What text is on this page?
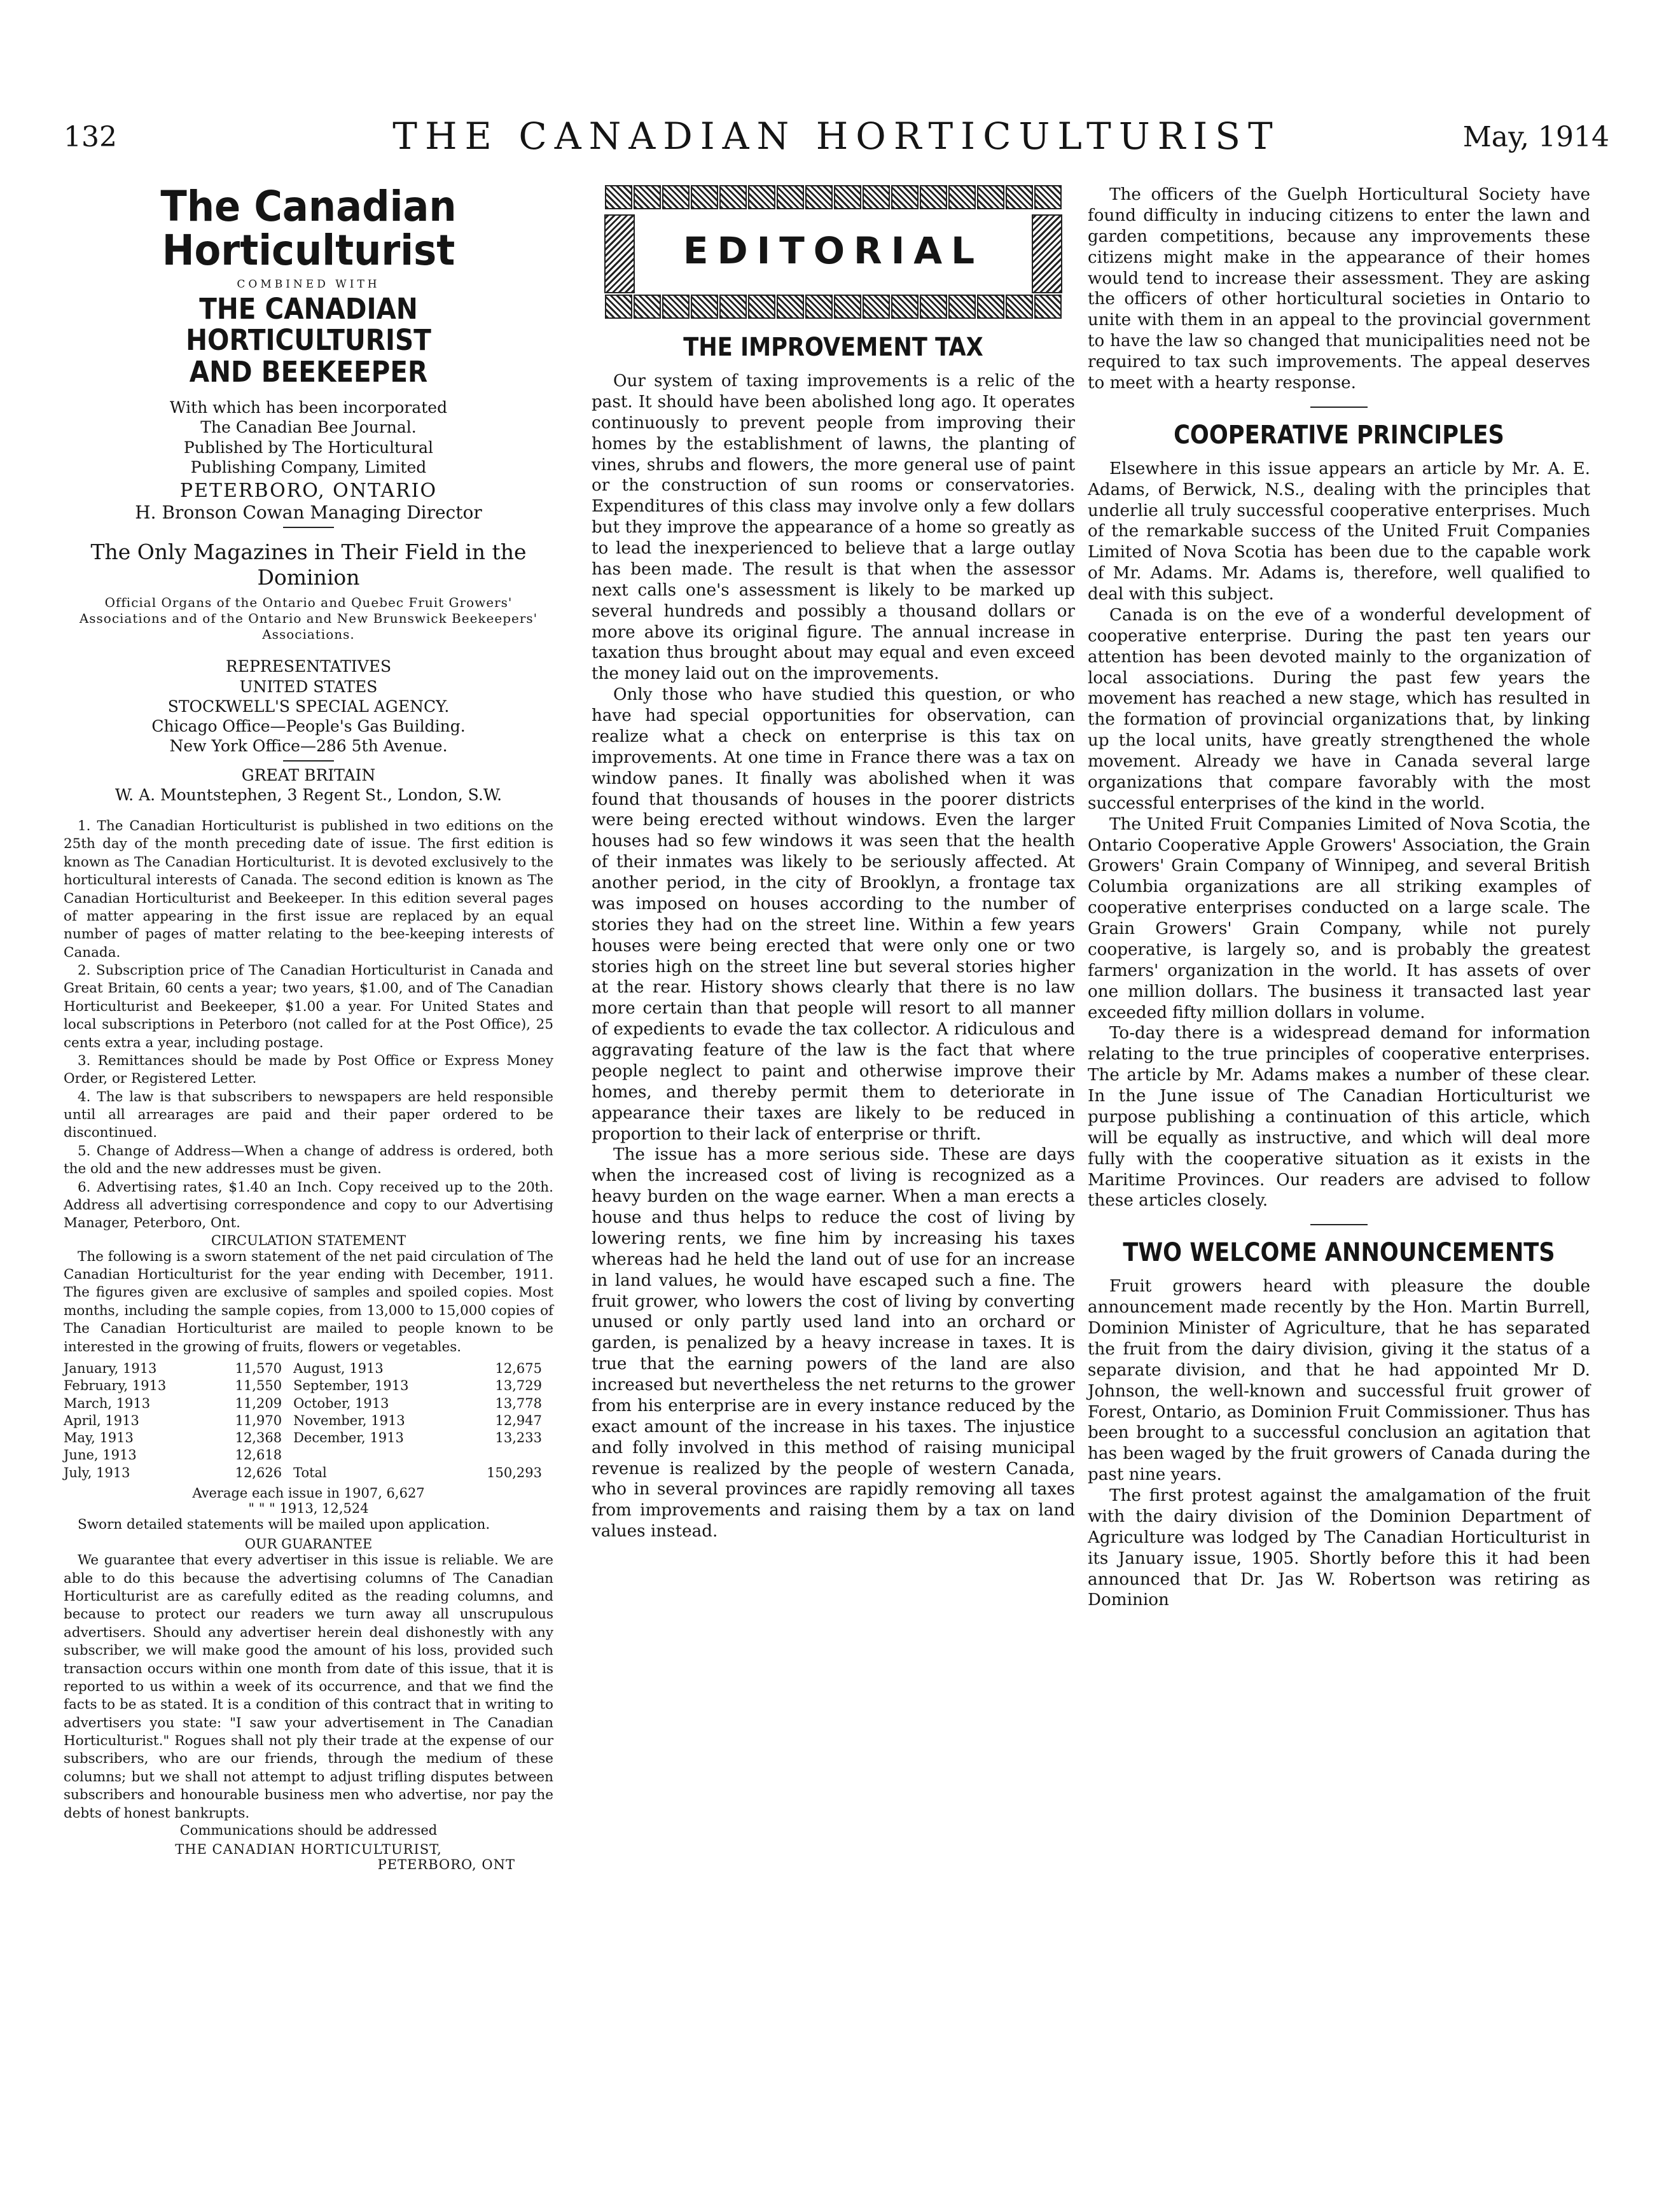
132	THE CANADIAN HORTICULTURIST	May, 1914
The Canadian Horticulturist

COMBINED WITH

THE CANADIAN HORTICULTURIST

AND BEEKEEPER

With which has been incorporated

The Canadian Bee Journal.

Published by The Horticultural

Publishing Company, Limited

PETERBORO, ONTARIO

H. Bronson Cowan Managing Director

The Only Magazines in Their Field in the Dominion

Official Organs of the Ontario and Quebec Fruit Growers' Associations and of the Ontario and New Brunswick Beekeepers' Associations.

REPRESENTATIVES

UNITED STATES

STOCKWELL'S SPECIAL AGENCY.

Chicago Office—People's Gas Building.

New York Office—286 5th Avenue.

GREAT BRITAIN

W. A. Mountstephen, 3 Regent St., London, S.W.

1. The Canadian Horticulturist is published in two editions on the 25th day of the month preceding date of issue. The first edition is known as The Canadian Horticulturist. It is devoted exclusively to the horticultural interests of Canada. The second edition is known as The Canadian Horticulturist and Beekeeper. In this edition several pages of matter appearing in the first issue are replaced by an equal number of pages of matter relating to the bee-keeping interests of Canada.

2. Subscription price of The Canadian Horticulturist in Canada and Great Britain, 60 cents a year; two years, $1.00, and of The Canadian Horticulturist and Beekeeper, $1.00 a year. For United States and local subscriptions in Peterboro (not called for at the Post Office), 25 cents extra a year, including postage.

3. Remittances should be made by Post Office or Express Money Order, or Registered Letter.

4. The law is that subscribers to newspapers are held responsible until all arrearages are paid and their paper ordered to be discontinued.

5. Change of Address—When a change of address is ordered, both the old and the new addresses must be given.

6. Advertising rates, $1.40 an Inch. Copy received up to the 20th. Address all advertising correspondence and copy to our Advertising Manager, Peterboro, Ont.

CIRCULATION STATEMENT

The following is a sworn statement of the net paid circulation of The Canadian Horticulturist for the year ending with December, 1911. The figures given are exclusive of samples and spoiled copies. Most months, including the sample copies, from 13,000 to 15,000 copies of The Canadian Horticulturist are mailed to people known to be interested in the growing of fruits, flowers or vegetables.

January, 1913	11,570	August, 1913	12,675
February, 1913	11,550	September, 1913	13,729
March, 1913	11,209	October, 1913	13,778
April, 1913	11,970	November, 1913	12,947
May, 1913	12,368	December, 1913	13,233
June, 1913	12,618		
July, 1913	12,626	Total	150,293

Average each issue in 1907, 6,627

" " " 1913, 12,524

Sworn detailed statements will be mailed upon application.

OUR GUARANTEE

We guarantee that every advertiser in this issue is reliable. We are able to do this because the advertising columns of The Canadian Horticulturist are as carefully edited as the reading columns, and because to protect our readers we turn away all unscrupulous advertisers. Should any advertiser herein deal dishonestly with any subscriber, we will make good the amount of his loss, provided such transaction occurs within one month from date of this issue, that it is reported to us within a week of its occurrence, and that we find the facts to be as stated. It is a condition of this contract that in writing to advertisers you state: "I saw your advertisement in The Canadian Horticulturist." Rogues shall not ply their trade at the expense of our subscribers, who are our friends, through the medium of these columns; but we shall not attempt to adjust trifling disputes between subscribers and honourable business men who advertise, nor pay the debts of honest bankrupts.

Communications should be addressed

THE CANADIAN HORTICULTURIST,

PETERBORO, ONT

EDITORIAL
THE IMPROVEMENT TAX

Our system of taxing improvements is a relic of the past. It should have been abolished long ago. It operates continuously to prevent people from improving their homes by the establishment of lawns, the planting of vines, shrubs and flowers, the more general use of paint or the construction of sun rooms or conservatories. Expenditures of this class may involve only a few dollars but they improve the appearance of a home so greatly as to lead the inexperienced to believe that a large outlay has been made. The result is that when the assessor next calls one's assessment is likely to be marked up several hundreds and possibly a thousand dollars or more above its original figure. The annual increase in taxation thus brought about may equal and even exceed the money laid out on the improvements.

Only those who have studied this question, or who have had special opportunities for observation, can realize what a check on enterprise is this tax on improvements. At one time in France there was a tax on window panes. It finally was abolished when it was found that thousands of houses in the poorer districts were being erected without windows. Even the larger houses had so few windows it was seen that the health of their inmates was likely to be seriously affected. At another period, in the city of Brooklyn, a frontage tax was imposed on houses according to the number of stories they had on the street line. Within a few years houses were being erected that were only one or two stories high on the street line but several stories higher at the rear. History shows clearly that there is no law more certain than that people will resort to all manner of expedients to evade the tax collector. A ridiculous and aggravating feature of the law is the fact that where people neglect to paint and otherwise improve their homes, and thereby permit them to deteriorate in appearance their taxes are likely to be reduced in proportion to their lack of enterprise or thrift.

The issue has a more serious side. These are days when the increased cost of living is recognized as a heavy burden on the wage earner. When a man erects a house and thus helps to reduce the cost of living by lowering rents, we fine him by increasing his taxes whereas had he held the land out of use for an increase in land values, he would have escaped such a fine. The fruit grower, who lowers the cost of living by converting unused or only partly used land into an orchard or garden, is penalized by a heavy increase in taxes. It is true that the earning powers of the land are also increased but nevertheless the net returns to the grower from his enterprise are in every instance reduced by the exact amount of the increase in his taxes. The injustice and folly involved in this method of raising municipal revenue is realized by the people of western Canada, who in several provinces are rapidly removing all taxes from improvements and raising them by a tax on land values instead.

The officers of the Guelph Horticultural Society have found difficulty in inducing citizens to enter the lawn and garden competitions, because any improvements these citizens might make in the appearance of their homes would tend to increase their assessment. They are asking the officers of other horticultural societies in Ontario to unite with them in an appeal to the provincial government to have the law so changed that municipalities need not be required to tax such improvements. The appeal deserves to meet with a hearty response.

COOPERATIVE PRINCIPLES

Elsewhere in this issue appears an article by Mr. A. E. Adams, of Berwick, N.S., dealing with the principles that underlie all truly successful cooperative enterprises. Much of the remarkable success of the United Fruit Companies Limited of Nova Scotia has been due to the capable work of Mr. Adams. Mr. Adams is, therefore, well qualified to deal with this subject.

Canada is on the eve of a wonderful development of cooperative enterprise. During the past ten years our attention has been devoted mainly to the organization of local associations. During the past few years the movement has reached a new stage, which has resulted in the formation of provincial organizations that, by linking up the local units, have greatly strengthened the whole movement. Already we have in Canada several large organizations that compare favorably with the most successful enterprises of the kind in the world.

The United Fruit Companies Limited of Nova Scotia, the Ontario Cooperative Apple Growers' Association, the Grain Growers' Grain Company of Winnipeg, and several British Columbia organizations are all striking examples of cooperative enterprises conducted on a large scale. The Grain Growers' Grain Company, while not purely cooperative, is largely so, and is probably the greatest farmers' organization in the world. It has assets of over one million dollars. The business it transacted last year exceeded fifty million dollars in volume.

To-day there is a widespread demand for information relating to the true principles of cooperative enterprises. The article by Mr. Adams makes a number of these clear. In the June issue of The Canadian Horticulturist we purpose publishing a continuation of this article, which will be equally as instructive, and which will deal more fully with the cooperative situation as it exists in the Maritime Provinces. Our readers are advised to follow these articles closely.

TWO WELCOME ANNOUNCEMENTS

Fruit growers heard with pleasure the double announcement made recently by the Hon. Martin Burrell, Dominion Minister of Agriculture, that he has separated the fruit from the dairy division, giving it the status of a separate division, and that he had appointed Mr D. Johnson, the well-known and successful fruit grower of Forest, Ontario, as Dominion Fruit Commissioner. Thus has been brought to a successful conclusion an agitation that has been waged by the fruit growers of Canada during the past nine years.

The first protest against the amalgamation of the fruit with the dairy division of the Dominion Department of Agriculture was lodged by The Canadian Horticulturist in its January issue, 1905. Shortly before this it had been announced that Dr. Jas W. Robertson was retiring as Dominion
